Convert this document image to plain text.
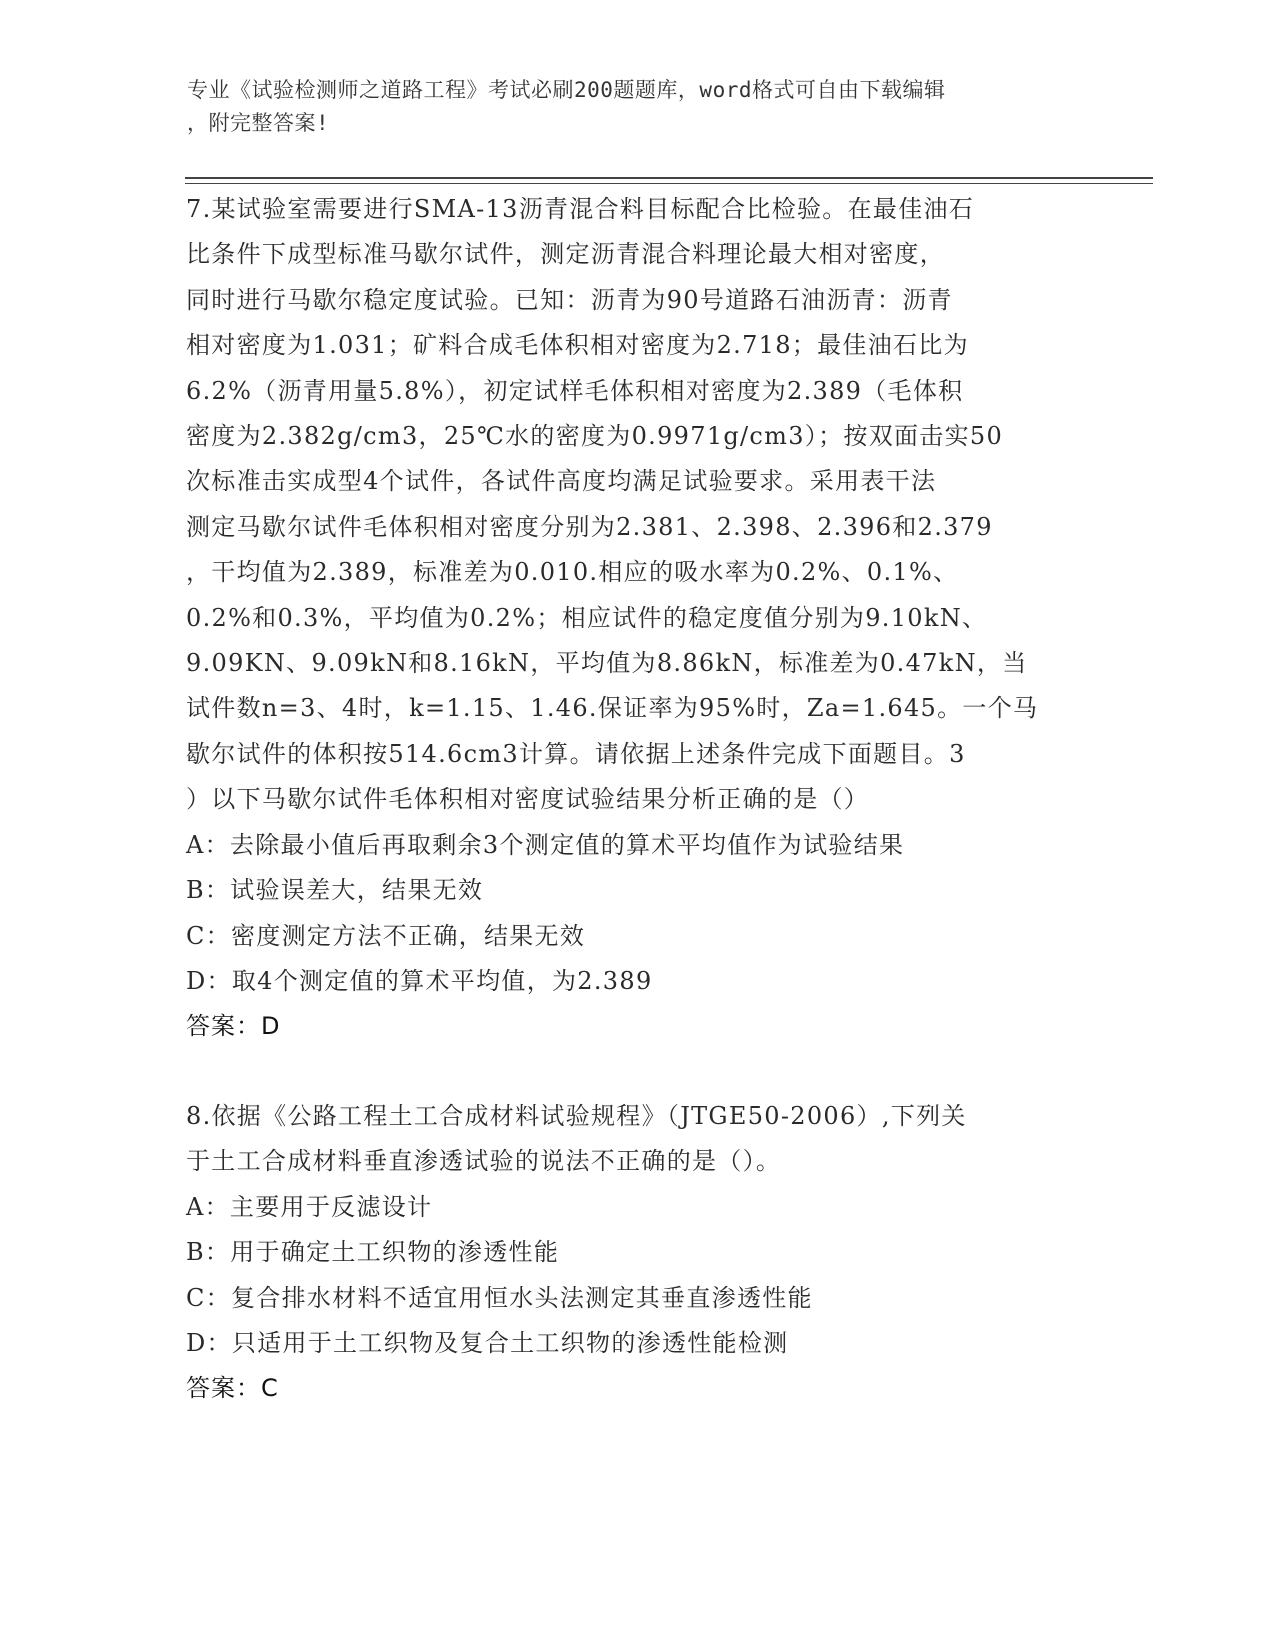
专业《试验检测师之道路工程》考试必刷200题题库，word格式可自由下载编辑
，附完整答案!
7.某试验室需要进行SMA-13沥青混合料目标配合比检验。在最佳油石
比条件下成型标准马歇尔试件，测定沥青混合料理论最大相对密度，
同时进行马歇尔稳定度试验。已知：沥青为90号道路石油沥青：沥青
相对密度为1.031；矿料合成毛体积相对密度为2.718；最佳油石比为
6.2%（沥青用量5.8%），初定试样毛体积相对密度为2.389（毛体积
密度为2.382g/cm3，25℃水的密度为0.9971g/cm3）；按双面击实50
次标准击实成型4个试件，各试件高度均满足试验要求。采用表干法
测定马歇尔试件毛体积相对密度分别为2.381、2.398、2.396和2.379
，干均值为2.389，标准差为0.010.相应的吸水率为0.2%、0.1%、
0.2%和0.3%，平均值为0.2%；相应试件的稳定度值分别为9.10kN、
9.09KN、9.09kN和8.16kN，平均值为8.86kN，标准差为0.47kN，当
试件数n=3、4时，k=1.15、1.46.保证率为95%时，Za=1.645。一个马
歇尔试件的体积按514.6cm3计算。请依据上述条件完成下面题目。3
）以下马歇尔试件毛体积相对密度试验结果分析正确的是（）
A：去除最小值后再取剩余3个测定值的算术平均值作为试验结果
B：试验误差大，结果无效
C：密度测定方法不正确，结果无效
D：取4个测定值的算术平均值，为2.389
答案：D
8.依据《公路工程土工合成材料试验规程》（JTGE50-2006）,下列关
于土工合成材料垂直渗透试验的说法不正确的是（）。
A：主要用于反滤设计
B：用于确定土工织物的渗透性能
C：复合排水材料不适宜用恒水头法测定其垂直渗透性能
D：只适用于土工织物及复合土工织物的渗透性能检测
答案：C
